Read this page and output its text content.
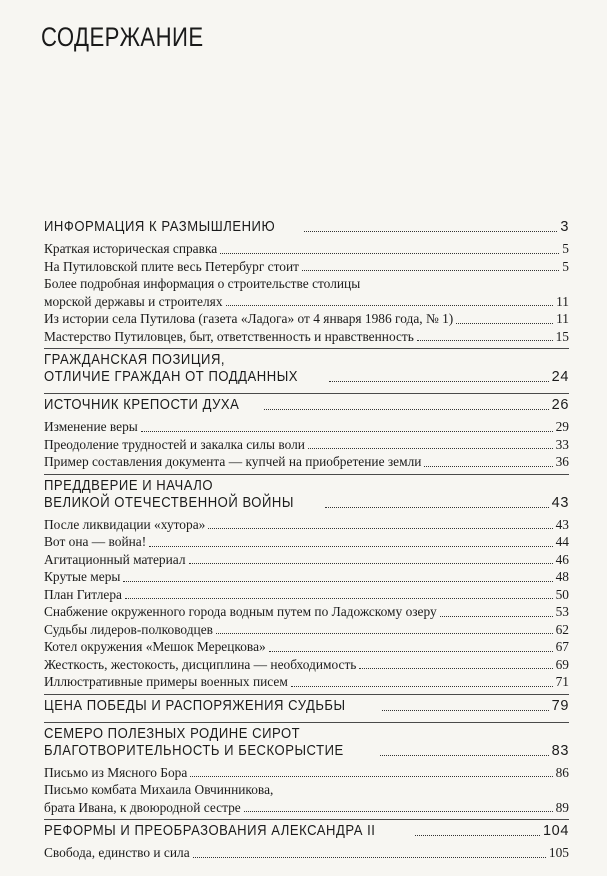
СОДЕРЖАНИЕ
ИНФОРМАЦИЯ К РАЗМЫШЛЕНИЮ	3
Краткая историческая справка	5
На Путиловской плите весь Петербург стоит	5
Более подробная информация о строительстве столицы
морской державы и строителях	11
Из истории села Путилова (газета «Ладога» от 4 января 1986 года, № 1)	11
Мастерство Путиловцев, быт, ответственность и нравственность	15
ГРАЖДАНСКАЯ ПОЗИЦИЯ,
ОТЛИЧИЕ ГРАЖДАН ОТ ПОДДАННЫХ	24
ИСТОЧНИК КРЕПОСТИ ДУХА	26
Изменение веры	29
Преодоление трудностей и закалка силы воли	33
Пример составления документа — купчей на приобретение земли	36
ПРЕДДВЕРИЕ И НАЧАЛО
ВЕЛИКОЙ ОТЕЧЕСТВЕННОЙ ВОЙНЫ	43
После ликвидации «хутора»	43
Вот она — война!	44
Агитационный материал	46
Крутые меры	48
План Гитлера	50
Снабжение окруженного города водным путем по Ладожскому озеру	53
Судьбы лидеров-полководцев	62
Котел окружения «Мешок Мерецкова»	67
Жесткость, жестокость, дисциплина — необходимость	69
Иллюстративные примеры военных писем	71
ЦЕНА ПОБЕДЫ И РАСПОРЯЖЕНИЯ СУДЬБЫ	79
СЕМЕРО ПОЛЕЗНЫХ РОДИНЕ СИРОТ
БЛАГОТВОРИТЕЛЬНОСТЬ И БЕСКОРЫСТИЕ	83
Письмо из Мясного Бора	86
Письмо комбата Михаила Овчинникова,
брата Ивана, к двоюродной сестре	89
РЕФОРМЫ И ПРЕОБРАЗОВАНИЯ АЛЕКСАНДРА II	104
Свобода, единство и сила	105
